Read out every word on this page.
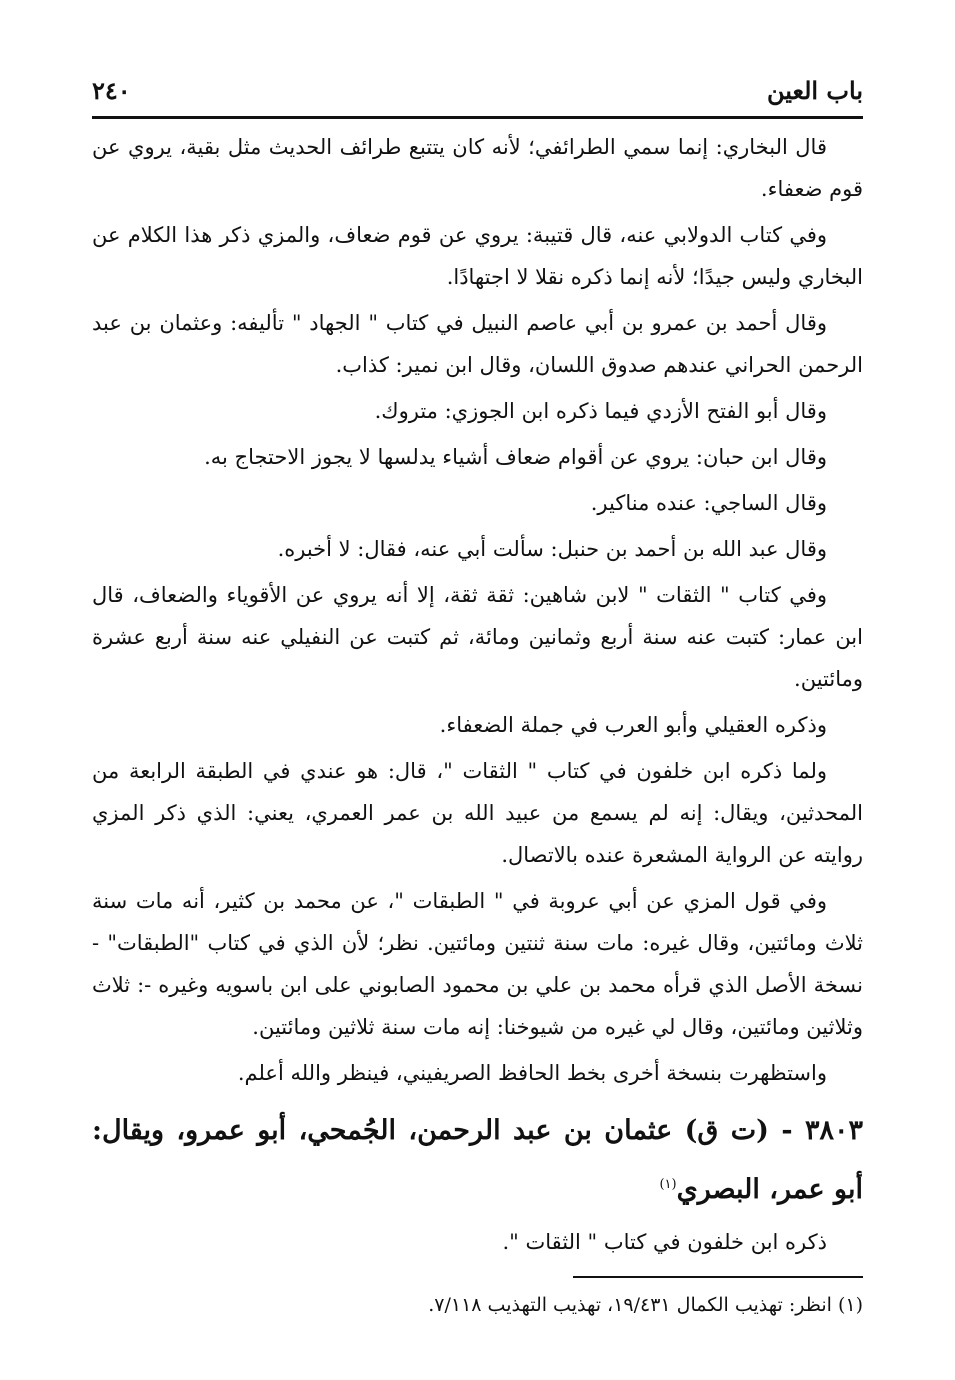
باب العين
٢٤٠

قال البخاري: إنما سمي الطرائفي؛ لأنه كان يتتبع طرائف الحديث مثل بقية، يروي عن قوم ضعفاء.

وفي كتاب الدولابي عنه، قال قتيبة: يروي عن قوم ضعاف، والمزي ذكر هذا الكلام عن البخاري وليس جيدًا؛ لأنه إنما ذكره نقلا لا اجتهادًا.

وقال أحمد بن عمرو بن أبي عاصم النبيل في كتاب " الجهاد " تأليفه: وعثمان بن عبد الرحمن الحراني عندهم صدوق اللسان، وقال ابن نمير: كذاب.

وقال أبو الفتح الأزدي فيما ذكره ابن الجوزي: متروك.

وقال ابن حبان: يروي عن أقوام ضعاف أشياء يدلسها لا يجوز الاحتجاج به.

وقال الساجي: عنده مناكير.

وقال عبد الله بن أحمد بن حنبل: سألت أبي عنه، فقال: لا أخبره.

وفي كتاب " الثقات " لابن شاهين: ثقة ثقة، إلا أنه يروي عن الأقوياء والضعاف، قال ابن عمار: كتبت عنه سنة أربع وثمانين ومائة، ثم كتبت عن النفيلي عنه سنة أربع عشرة ومائتين.

وذكره العقيلي وأبو العرب في جملة الضعفاء.

ولما ذكره ابن خلفون في كتاب " الثقات "، قال: هو عندي في الطبقة الرابعة من المحدثين، ويقال: إنه لم يسمع من عبيد الله بن عمر العمري، يعني: الذي ذكر المزي روايته عن الرواية المشعرة عنده بالاتصال.

وفي قول المزي عن أبي عروبة في " الطبقات "، عن محمد بن كثير، أنه مات سنة ثلاث ومائتين، وقال غيره: مات سنة ثنتين ومائتين. نظر؛ لأن الذي في كتاب "الطبقات" - نسخة الأصل الذي قرأه محمد بن علي بن محمود الصابوني على ابن باسويه وغيره -: ثلاث وثلاثين ومائتين، وقال لي غيره من شيوخنا: إنه مات سنة ثلاثين ومائتين.

واستظهرت بنسخة أخرى بخط الحافظ الصريفيني، فينظر والله أعلم.

٣٨٠٣ - (ت ق) عثمان بن عبد الرحمن، الجُمحي، أبو عمرو، ويقال: أبو عمر، البصري$^{(١)}$

ذكره ابن خلفون في كتاب " الثقات ".

(١) انظر: تهذيب الكمال ١٩/٤٣١، تهذيب التهذيب ٧/١١٨.
